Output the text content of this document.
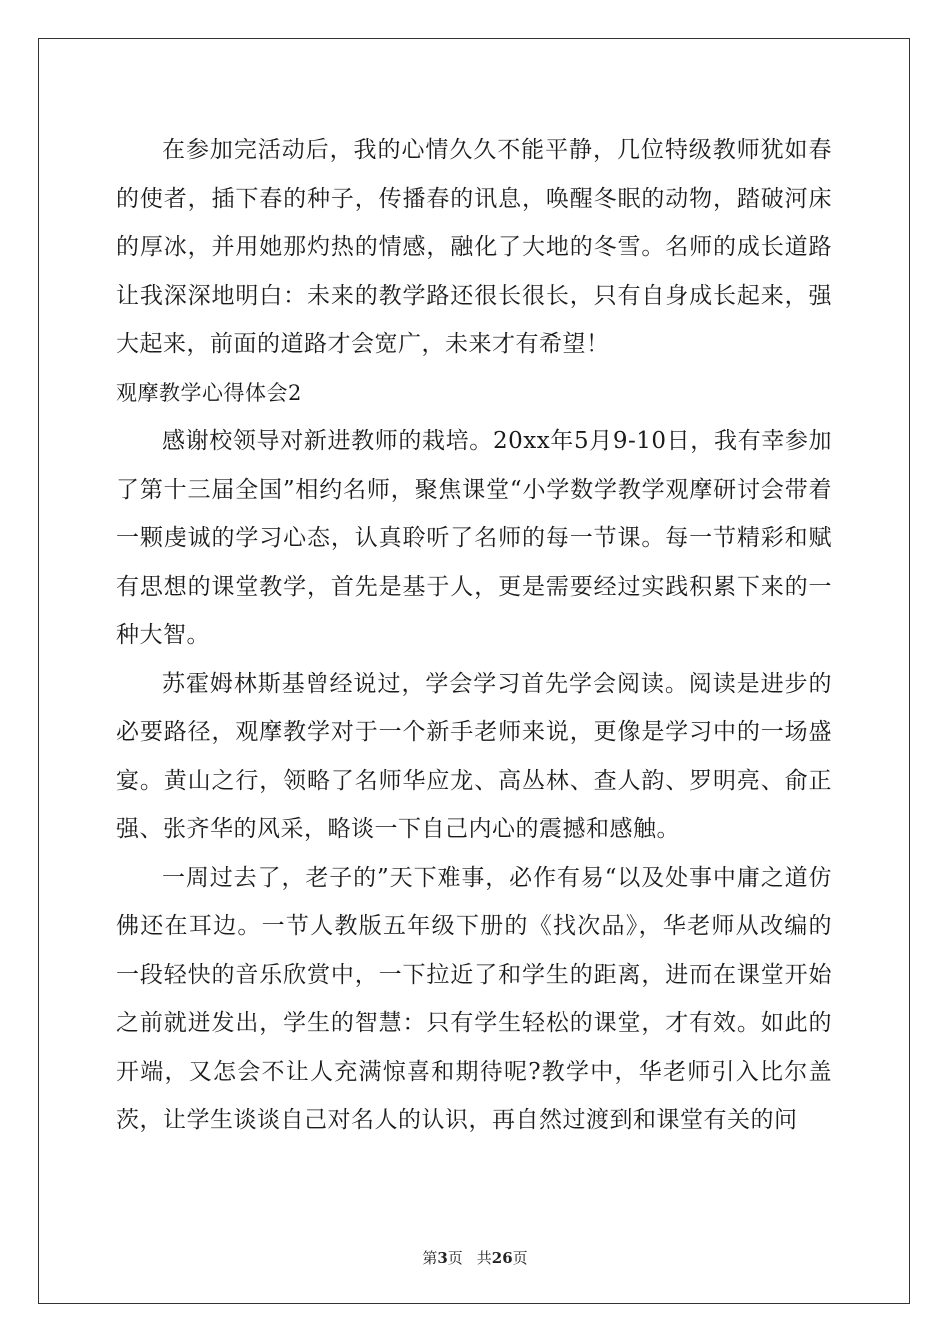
在参加完活动后，我的心情久久不能平静，几位特级教师犹如春的使者，插下春的种子，传播春的讯息，唤醒冬眠的动物，踏破河床的厚冰，并用她那灼热的情感，融化了大地的冬雪。名师的成长道路让我深深地明白：未来的教学路还很长很长，只有自身成长起来，强大起来，前面的道路才会宽广，未来才有希望！

观摩教学心得体会2

感谢校领导对新进教师的栽培。20xx年5月9-10日，我有幸参加了第十三届全国”相约名师，聚焦课堂“小学数学教学观摩研讨会带着一颗虔诚的学习心态，认真聆听了名师的每一节课。每一节精彩和赋有思想的课堂教学，首先是基于人，更是需要经过实践积累下来的一种大智。

苏霍姆林斯基曾经说过，学会学习首先学会阅读。阅读是进步的必要路径，观摩教学对于一个新手老师来说，更像是学习中的一场盛宴。黄山之行，领略了名师华应龙、高丛林、查人韵、罗明亮、俞正强、张齐华的风采，略谈一下自己内心的震撼和感触。

一周过去了，老子的”天下难事，必作有易“以及处事中庸之道仿佛还在耳边。一节人教版五年级下册的《找次品》，华老师从改编的一段轻快的音乐欣赏中，一下拉近了和学生的距离，进而在课堂开始之前就迸发出，学生的智慧：只有学生轻松的课堂，才有效。如此的开端，又怎会不让人充满惊喜和期待呢?教学中，华老师引入比尔盖茨，让学生谈谈自己对名人的认识，再自然过渡到和课堂有关的问

第3页 共26页
